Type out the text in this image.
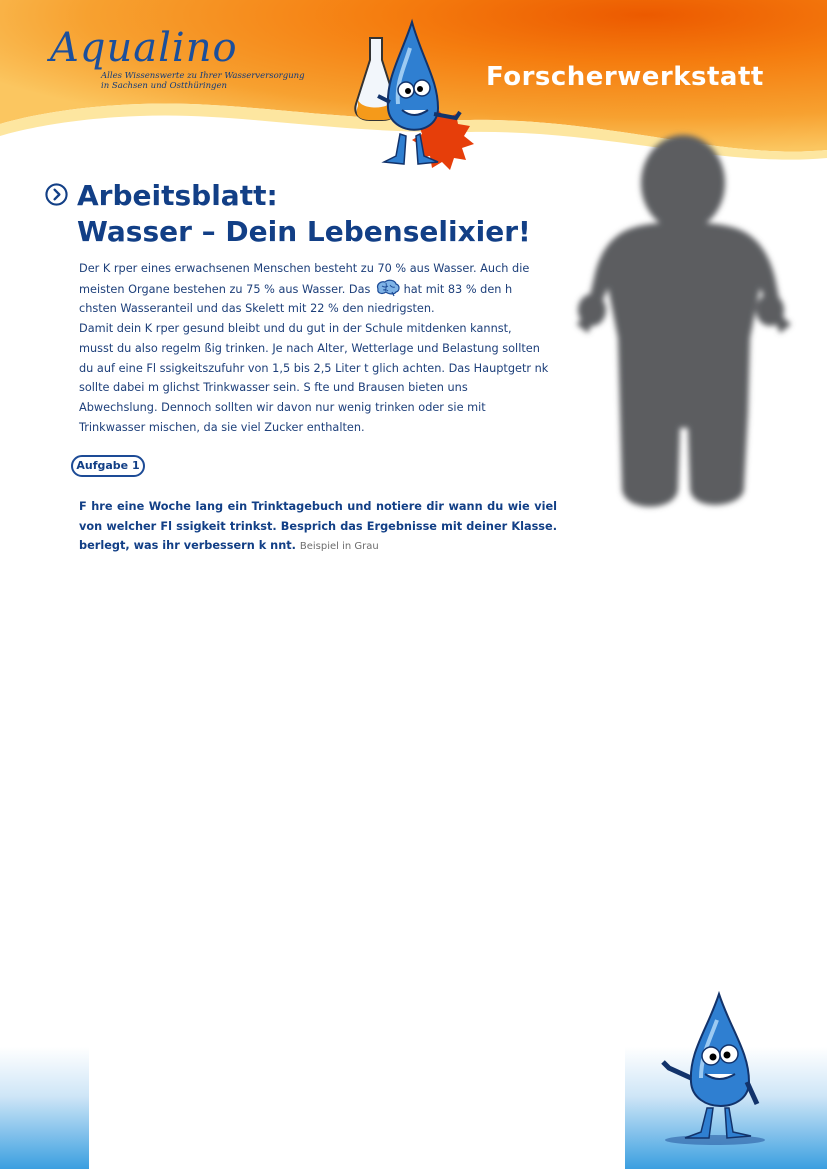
Aqualino
Alles Wissenswerte zu Ihrer Wasserversorgung
in Sachsen und Ostthüringen	Forscherwerkstatt
Arbeitsblatt:
Wasser – Dein Lebenselixier!
Der K rper eines erwachsenen Menschen besteht zu 70 % aus Wasser. Auch die meisten Organe bestehen zu 75 % aus Wasser. Das  hat mit 83 % den h chsten Wasseranteil und das Skelett mit 22 % den niedrigsten.
Damit dein K rper gesund bleibt und du gut in der Schule mitdenken kannst, musst du also regelm ßig trinken. Je nach Alter, Wetterlage und Belastung sollten du auf eine Fl ssigkeitszufuhr von 1,5 bis 2,5 Liter t glich achten. Das Hauptgetr nk sollte dabei m glichst Trinkwasser sein. S fte und Brausen bieten uns Abwechslung. Dennoch sollten wir davon nur wenig trinken oder sie mit Trinkwasser mischen, da sie viel Zucker enthalten.
Aufgabe 1
F hre eine Woche lang ein Trinktagebuch und notiere dir wann du wie viel von welcher Fl ssigkeit trinkst. Besprich das Ergebnisse mit deiner Klasse. berlegt, was ihr verbessern k nnt. Beispiel in Grau
